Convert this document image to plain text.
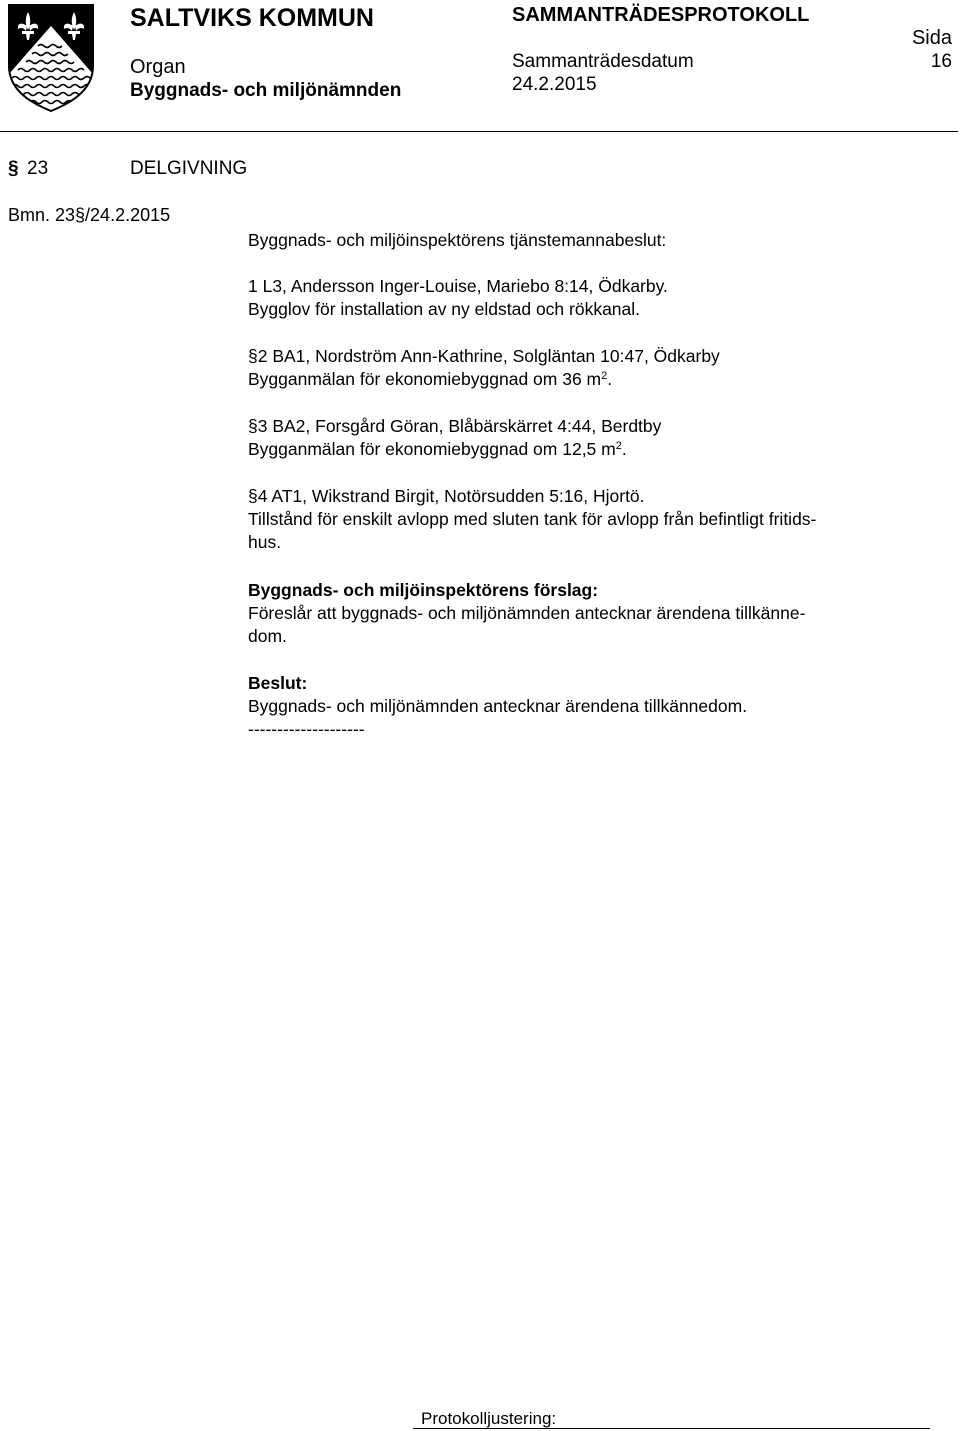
SALTVIKS KOMMUN	SAMMANTRÄDESPROTOKOLL
Sida
Organ	Sammanträdesdatum	16
Byggnads- och miljönämnden	24.2.2015
§ 23	DELGIVNING
Bmn. 23§/24.2.2015

Byggnads- och miljöinspektörens tjänstemannabeslut:

1 L3, Andersson Inger-Louise, Mariebo 8:14, Ödkarby.

Bygglov för installation av ny eldstad och rökkanal.

§2 BA1, Nordström Ann-Kathrine, Solgläntan 10:47, Ödkarby

Bygganmälan för ekonomiebyggnad om 36 $m^2$.

§3 BA2, Forsgård Göran, Blåbärskärret 4:44, Berdtby

Bygganmälan för ekonomiebyggnad om 12,5 $m^2$.

§4 AT1, Wikstrand Birgit, Notörsudden 5:16, Hjortö.

Tillstånd för enskilt avlopp med sluten tank för avlopp från befintligt fritids-

hus.

Byggnads- och miljöinspektörens förslag:

Föreslår att byggnads- och miljönämnden antecknar ärendena tillkänne-

dom.

Beslut:

Byggnads- och miljönämnden antecknar ärendena tillkännedom.

--------------------

Protokolljustering:
